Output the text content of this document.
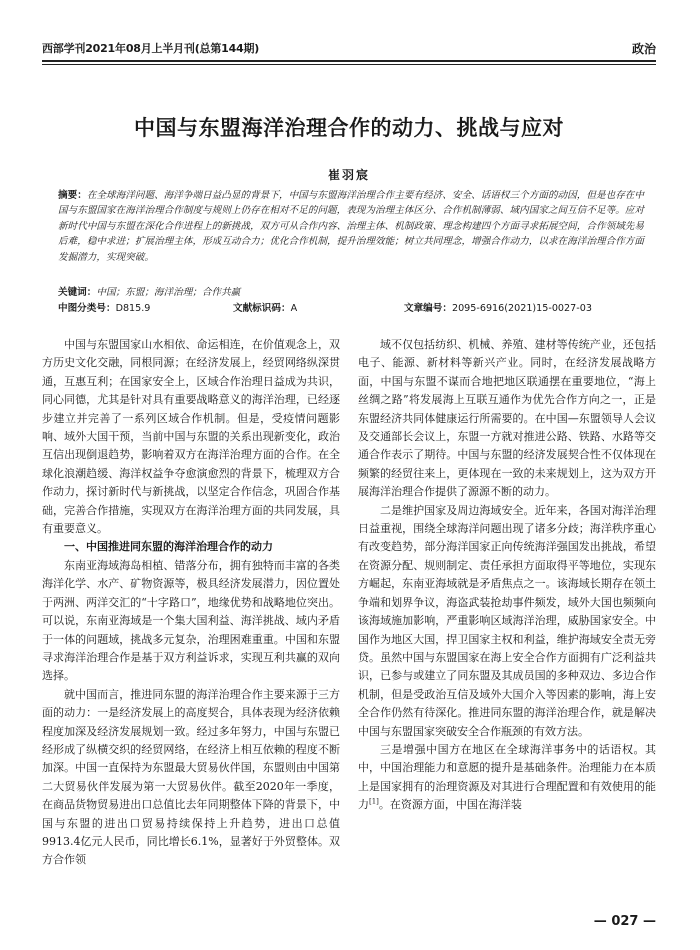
西部学刊2021年08月上半月刊(总第144期)	政治
中国与东盟海洋治理合作的动力、挑战与应对
崔羽宸
摘要：在全球海洋问题、海洋争端日益凸显的背景下，中国与东盟海洋治理合作主要有经济、安全、话语权三个方面的动因，但是也存在中国与东盟国家在海洋治理合作制度与规则上仍存在相对不足的问题，表现为治理主体区分、合作机制薄弱、域内国家之间互信不足等。应对新时代中国与东盟在深化合作进程上的新挑战，双方可从合作内容、治理主体、机制政策、理念构建四个方面寻求拓展空间，合作领域先易后难，稳中求进；扩展治理主体，形成互动合力；优化合作机制，提升治理效能；树立共同理念，增强合作动力，以求在海洋治理合作方面发掘潜力，实现突破。
关键词：中国；东盟；海洋治理；合作共赢
中图分类号：D815.9	文献标识码：A	文章编号：2095-6916(2021)15-0027-03

中国与东盟国家山水相依、命运相连，在价值观念上，双方历史文化交融，同根同源；在经济发展上，经贸网络纵深贯通，互惠互利；在国家安全上，区域合作治理日益成为共识，同心同德，尤其是针对具有重要战略意义的海洋治理，已经逐步建立并完善了一系列区域合作机制。但是，受疫情问题影响、域外大国干预，当前中国与东盟的关系出现新变化，政治互信出现倒退趋势，影响着双方在海洋治理方面的合作。在全球化浪潮趋缓、海洋权益争夺愈演愈烈的背景下，梳理双方合作动力，探讨新时代与新挑战，以坚定合作信念，巩固合作基础，完善合作措施，实现双方在海洋治理方面的共同发展，具有重要意义。

一、中国推进同东盟的海洋治理合作的动力

东南亚海域海岛相植、错落分布，拥有独特而丰富的各类海洋化学、水产、矿物资源等，极具经济发展潜力，因位置处于两洲、两洋交汇的“十字路口”，地缘优势和战略地位突出。可以说，东南亚海域是一个集大国利益、海洋挑战、域内矛盾于一体的问题域，挑战多元复杂，治理困难重重。中国和东盟寻求海洋治理合作是基于双方利益诉求，实现互利共赢的双向选择。

就中国而言，推进同东盟的海洋治理合作主要来源于三方面的动力：一是经济发展上的高度契合，具体表现为经济依赖程度加深及经济发展规划一致。经过多年努力，中国与东盟已经形成了纵横交织的经贸网络，在经济上相互依赖的程度不断加深。中国一直保持为东盟最大贸易伙伴国，东盟则由中国第二大贸易伙伴发展为第一大贸易伙伴。截至2020年一季度，在商品货物贸易进出口总值比去年同期整体下降的背景下，中国与东盟的进出口贸易持续保持上升趋势，进出口总值9913.4亿元人民币，同比增长6.1%，显著好于外贸整体。双方合作领

域不仅包括纺织、机械、养殖、建材等传统产业，还包括电子、能源、新材料等新兴产业。同时，在经济发展战略方面，中国与东盟不谋而合地把地区联通摆在重要地位，“海上丝绸之路”将发展海上互联互通作为优先合作方向之一，正是东盟经济共同体健康运行所需要的。在中国—东盟领导人会议及交通部长会议上，东盟一方就对推进公路、铁路、水路等交通合作表示了期待。中国与东盟的经济发展契合性不仅体现在频繁的经贸往来上，更体现在一致的未来规划上，这为双方开展海洋治理合作提供了源源不断的动力。

二是维护国家及周边海域安全。近年来，各国对海洋治理日益重视，围绕全球海洋问题出现了诸多分歧；海洋秩序重心有改变趋势，部分海洋国家正向传统海洋强国发出挑战，希望在资源分配、规则制定、责任承担方面取得平等地位，实现东方崛起，东南亚海域就是矛盾焦点之一。该海域长期存在领土争端和划界争议，海盗武装抢劫事件频发，域外大国也频频向该海域施加影响，严重影响区域海洋治理，威胁国家安全。中国作为地区大国，捍卫国家主权和利益，维护海域安全责无旁贷。虽然中国与东盟国家在海上安全合作方面拥有广泛利益共识，已参与或建立了同东盟及其成员国的多种双边、多边合作机制，但是受政治互信及域外大国介入等因素的影响，海上安全合作仍然有待深化。推进同东盟的海洋治理合作，就是解决中国与东盟国家突破安全合作瓶颈的有效方法。

三是增强中国方在地区在全球海洋事务中的话语权。其中，中国治理能力和意愿的提升是基础条件。治理能力在本质上是国家拥有的治理资源及对其进行合理配置和有效使用的能力[1]。在资源方面，中国在海洋装

— 027 —
